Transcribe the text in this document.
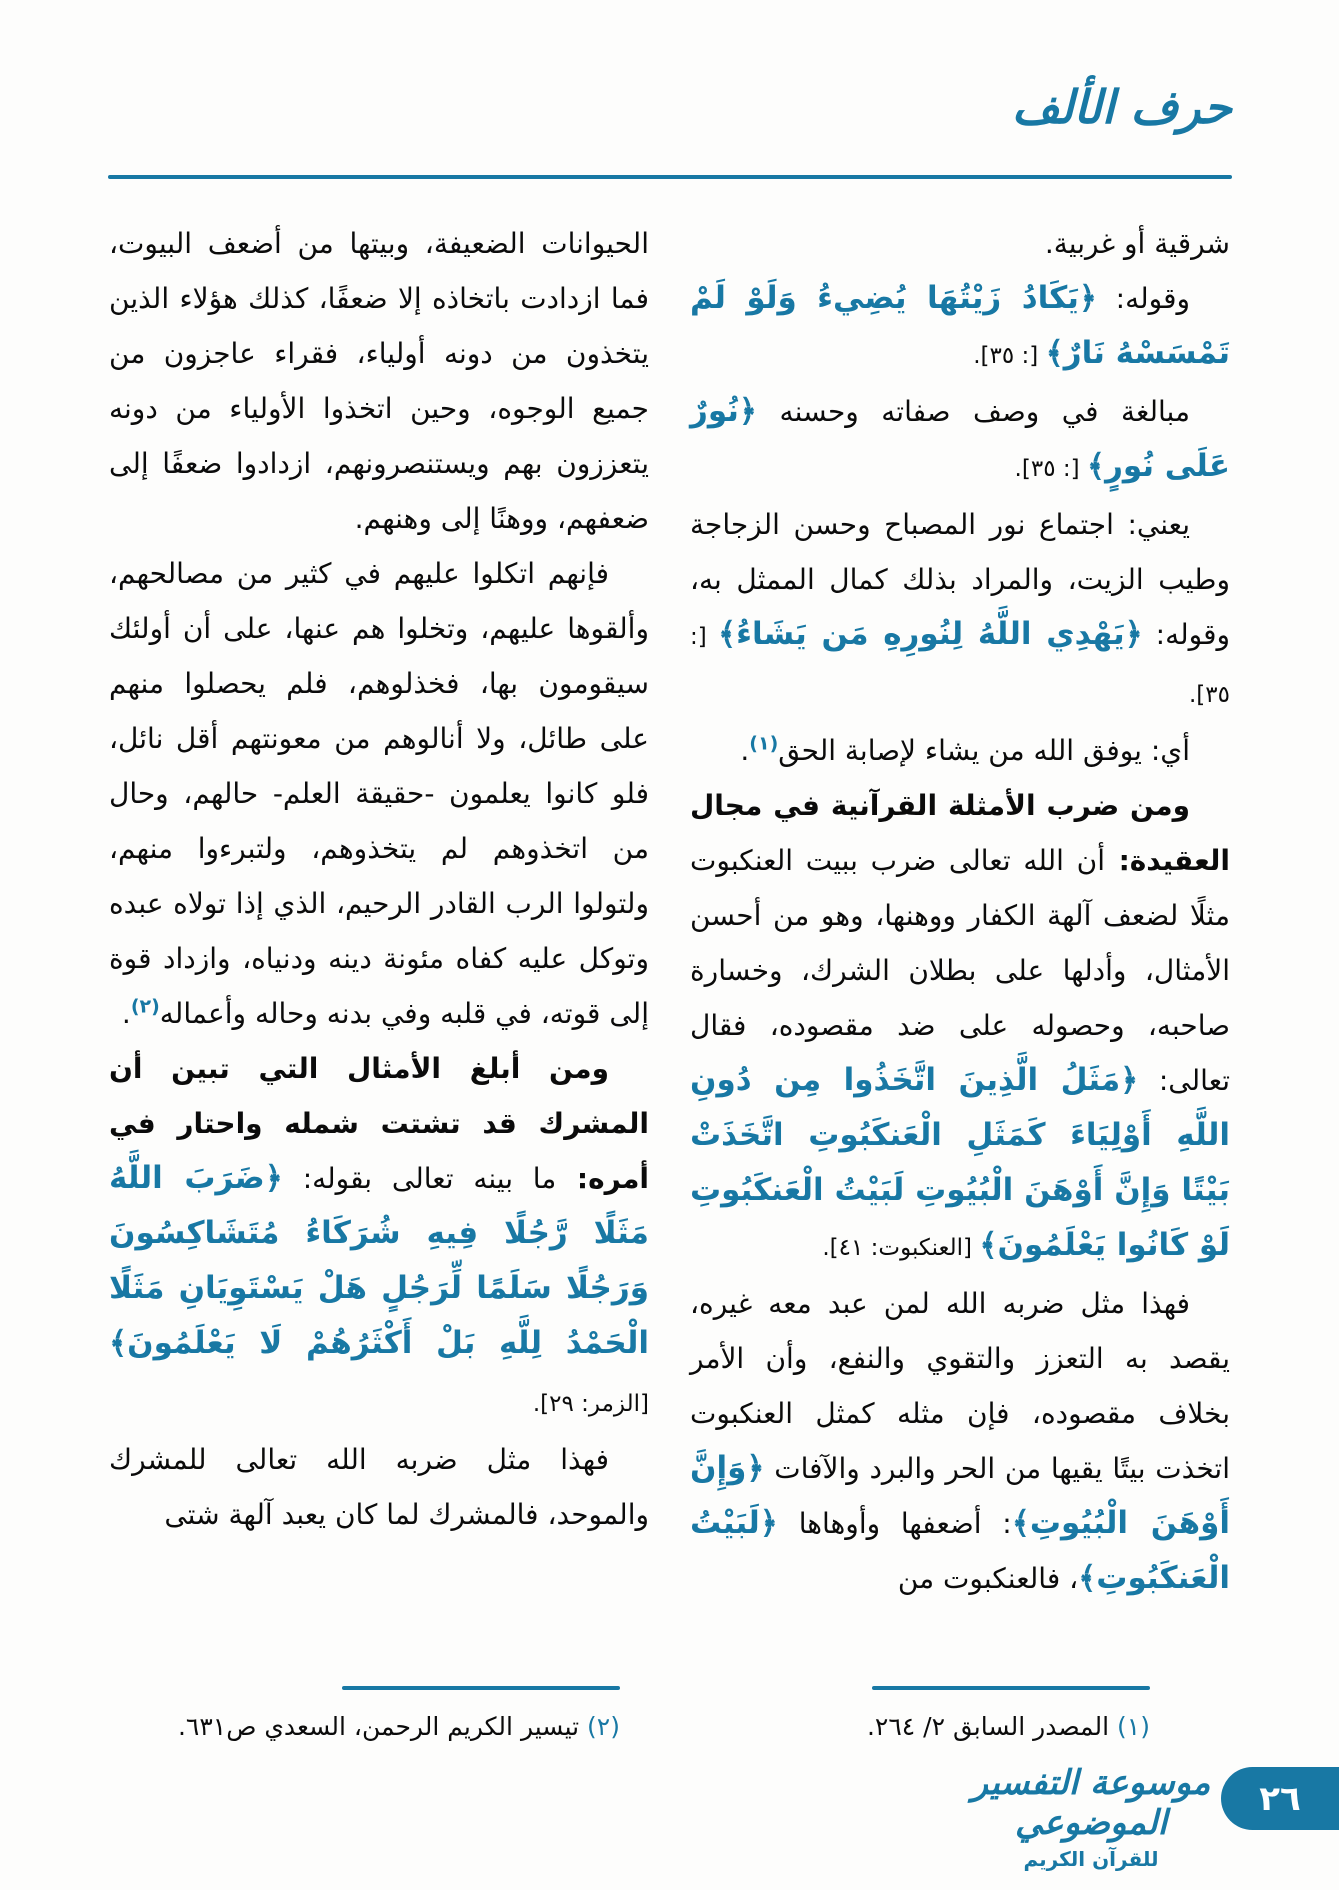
حرف الألف

شرقية أو غربية.

وقوله: ﴿يَكَادُ زَيْتُهَا يُضِيءُ وَلَوْ لَمْ تَمْسَسْهُ نَارٌ﴾ [: ٣٥].

مبالغة في وصف صفاته وحسنه ﴿نُورٌ عَلَى نُورٍ﴾ [: ٣٥].

يعني: اجتماع نور المصباح وحسن الزجاجة وطيب الزيت، والمراد بذلك كمال الممثل به، وقوله: ﴿يَهْدِي اللَّهُ لِنُورِهِ مَن يَشَاءُ﴾ [: ٣٥].

أي: يوفق الله من يشاء لإصابة الحق$^{(١)}$.

ومن ضرب الأمثلة القرآنية في مجال العقيدة: أن الله تعالى ضرب ببيت العنكبوت مثلًا لضعف آلهة الكفار ووهنها، وهو من أحسن الأمثال، وأدلها على بطلان الشرك، وخسارة صاحبه، وحصوله على ضد مقصوده، فقال تعالى: ﴿مَثَلُ الَّذِينَ اتَّخَذُوا مِن دُونِ اللَّهِ أَوْلِيَاءَ كَمَثَلِ الْعَنكَبُوتِ اتَّخَذَتْ بَيْتًا وَإِنَّ أَوْهَنَ الْبُيُوتِ لَبَيْتُ الْعَنكَبُوتِ لَوْ كَانُوا يَعْلَمُونَ﴾ [العنكبوت: ٤١].

فهذا مثل ضربه الله لمن عبد معه غيره، يقصد به التعزز والتقوي والنفع، وأن الأمر بخلاف مقصوده، فإن مثله كمثل العنكبوت اتخذت بيتًا يقيها من الحر والبرد والآفات ﴿وَإِنَّ أَوْهَنَ الْبُيُوتِ﴾: أضعفها وأوهاها ﴿لَبَيْتُ الْعَنكَبُوتِ﴾، فالعنكبوت من

الحيوانات الضعيفة، وبيتها من أضعف البيوت، فما ازدادت باتخاذه إلا ضعفًا، كذلك هؤلاء الذين يتخذون من دونه أولياء، فقراء عاجزون من جميع الوجوه، وحين اتخذوا الأولياء من دونه يتعززون بهم ويستنصرونهم، ازدادوا ضعفًا إلى ضعفهم، ووهنًا إلى وهنهم.

فإنهم اتكلوا عليهم في كثير من مصالحهم، وألقوها عليهم، وتخلوا هم عنها، على أن أولئك سيقومون بها، فخذلوهم، فلم يحصلوا منهم على طائل، ولا أنالوهم من معونتهم أقل نائل، فلو كانوا يعلمون -حقيقة العلم- حالهم، وحال من اتخذوهم لم يتخذوهم، ولتبرءوا منهم، ولتولوا الرب القادر الرحيم، الذي إذا تولاه عبده وتوكل عليه كفاه مئونة دينه ودنياه، وازداد قوة إلى قوته، في قلبه وفي بدنه وحاله وأعماله$^{(٢)}$.

ومن أبلغ الأمثال التي تبين أن المشرك قد تشتت شمله واحتار في أمره: ما بينه تعالى بقوله: ﴿ضَرَبَ اللَّهُ مَثَلًا رَّجُلًا فِيهِ شُرَكَاءُ مُتَشَاكِسُونَ وَرَجُلًا سَلَمًا لِّرَجُلٍ هَلْ يَسْتَوِيَانِ مَثَلًا الْحَمْدُ لِلَّهِ بَلْ أَكْثَرُهُمْ لَا يَعْلَمُونَ﴾ [الزمر: ٢٩].

فهذا مثل ضربه الله تعالى للمشرك والموحد، فالمشرك لما كان يعبد آلهة شتى

(١) المصدر السابق ٢/ ٢٦٤.
(٢) تيسير الكريم الرحمن، السعدي ص٦٣١.
موسوعة التفسير الموضوعي
للقرآن الكريم
٢٦
